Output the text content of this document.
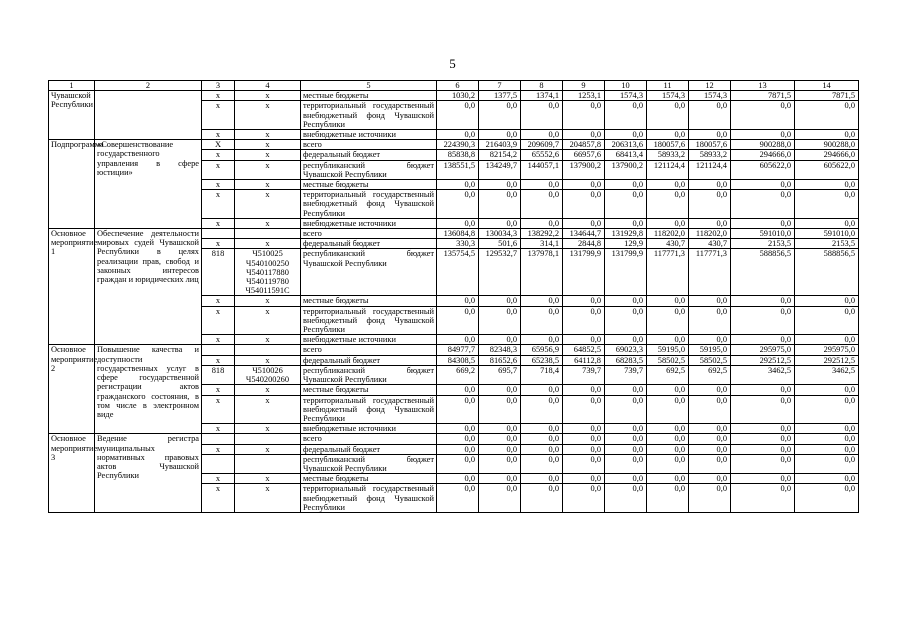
5
1	2	3	4	5	6	7	8	9	10	11	12	13	14
Чувашской Республики		x	x	местные бюджеты	1030,2	1377,5	1374,1	1253,1	1574,3	1574,3	1574,3	7871,5	7871,5
		x	x	территориальный государственный внебюджетный фонд Чувашской Республики	0,0	0,0	0,0	0,0	0,0	0,0	0,0	0,0	0,0
		x	x	внебюджетные источники	0,0	0,0	0,0	0,0	0,0	0,0	0,0	0,0	0,0
Подпрограмма	«Совершенствование государственного управления в сфере юстиции»	X	x	всего	224390,3	216403,9	209609,7	204857,8	206313,6	180057,6	180057,6	900288,0	900288,0
		x	x	федеральный бюджет	85838,8	82154,2	65552,6	66957,6	68413,4	58933,2	58933,2	294666,0	294666,0
		x	x	республиканский бюджет Чувашской Республики	138551,5	134249,7	144057,1	137900,2	137900,2	121124,4	121124,4	605622,0	605622,0
		x	x	местные бюджеты	0,0	0,0	0,0	0,0	0,0	0,0	0,0	0,0	0,0
		x	x	территориальный государственный внебюджетный фонд Чувашской Республики	0,0	0,0	0,0	0,0	0,0	0,0	0,0	0,0	0,0
		x	x	внебюджетные источники	0,0	0,0	0,0	0,0	0,0	0,0	0,0	0,0	0,0
Основное мероприятие 1	Обеспечение деятельности мировых судей Чувашской Республики в целях реализации прав, свобод и законных интересов граждан и юридических лиц			всего	136084,8	130034,3	138292,2	134644,7	131929,8	118202,0	118202,0	591010,0	591010,0
		x	x	федеральный бюджет	330,3	501,6	314,1	2844,8	129,9	430,7	430,7	2153,5	2153,5
		818	Ч510025 Ч540100250 Ч540117880 Ч540119780 Ч54011591С	республиканский бюджет Чувашской Республики	135754,5	129532,7	137978,1	131799,9	131799,9	117771,3	117771,3	588856,5	588856,5
		x	x	местные бюджеты	0,0	0,0	0,0	0,0	0,0	0,0	0,0	0,0	0,0
		x	x	территориальный государственный внебюджетный фонд Чувашской Республики	0,0	0,0	0,0	0,0	0,0	0,0	0,0	0,0	0,0
		x	x	внебюджетные источники	0,0	0,0	0,0	0,0	0,0	0,0	0,0	0,0	0,0
Основное мероприятие 2	Повышение качества и доступности государственных услуг в сфере государственной регистрации актов гражданского состояния, в том числе в электронном виде			всего	84977,7	82348,3	65956,9	64852,5	69023,3	59195,0	59195,0	295975,0	295975,0
		x	x	федеральный бюджет	84308,5	81652,6	65238,5	64112,8	68283,5	58502,5	58502,5	292512,5	292512,5
		818	Ч510026 Ч540200260	республиканский бюджет Чувашской Республики	669,2	695,7	718,4	739,7	739,7	692,5	692,5	3462,5	3462,5
		x	x	местные бюджеты	0,0	0,0	0,0	0,0	0,0	0,0	0,0	0,0	0,0
		x	x	территориальный государственный внебюджетный фонд Чувашской Республики	0,0	0,0	0,0	0,0	0,0	0,0	0,0	0,0	0,0
		x	x	внебюджетные источники	0,0	0,0	0,0	0,0	0,0	0,0	0,0	0,0	0,0
Основное мероприятие 3	Ведение регистра муниципальных нормативных правовых актов Чувашской Республики			всего	0,0	0,0	0,0	0,0	0,0	0,0	0,0	0,0	0,0
		x	x	федеральный бюджет	0,0	0,0	0,0	0,0	0,0	0,0	0,0	0,0	0,0
				республиканский бюджет Чувашской Республики	0,0	0,0	0,0	0,0	0,0	0,0	0,0	0,0	0,0
		x	x	местные бюджеты	0,0	0,0	0,0	0,0	0,0	0,0	0,0	0,0	0,0
		x	x	территориальный государственный внебюджетный фонд Чувашской Республики	0,0	0,0	0,0	0,0	0,0	0,0	0,0	0,0	0,0
